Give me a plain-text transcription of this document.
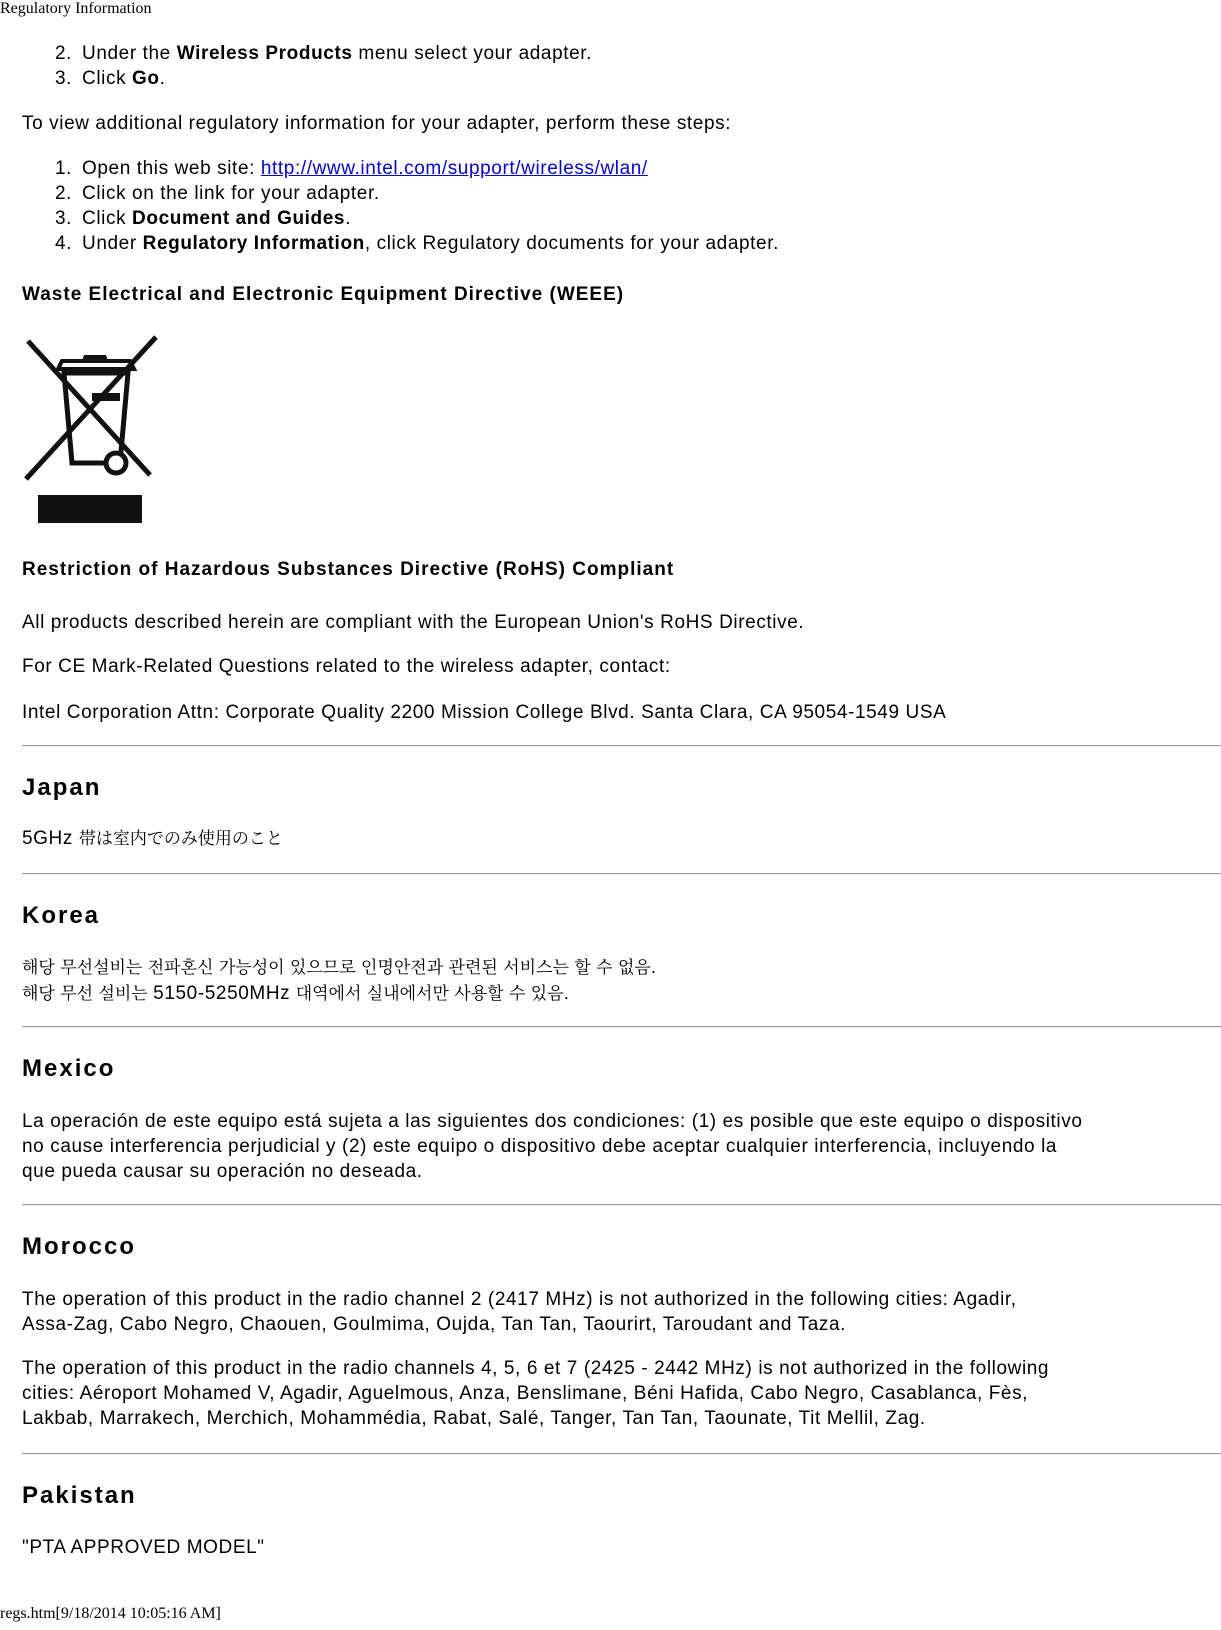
Regulatory Information
2. Under the Wireless Products menu select your adapter.
3. Click Go.
To view additional regulatory information for your adapter, perform these steps:
1. Open this web site: http://www.intel.com/support/wireless/wlan/
2. Click on the link for your adapter.
3. Click Document and Guides.
4. Under Regulatory Information, click Regulatory documents for your adapter.
Waste Electrical and Electronic Equipment Directive (WEEE)
Restriction of Hazardous Substances Directive (RoHS) Compliant
All products described herein are compliant with the European Union's RoHS Directive.
For CE Mark-Related Questions related to the wireless adapter, contact:
Intel Corporation Attn: Corporate Quality 2200 Mission College Blvd. Santa Clara, CA 95054-1549 USA
Japan
5GHz 帯は室内でのみ使用のこと
Korea
해당 무선설비는 전파혼신 가능성이 있으므로 인명안전과 관련된 서비스는 할 수 없음.
해당 무선 설비는 5150-5250MHz 대역에서 실내에서만 사용할 수 있음.
Mexico
La operación de este equipo está sujeta a las siguientes dos condiciones: (1) es posible que este equipo o dispositivo
no cause interferencia perjudicial y (2) este equipo o dispositivo debe aceptar cualquier interferencia, incluyendo la
que pueda causar su operación no deseada.
Morocco
The operation of this product in the radio channel 2 (2417 MHz) is not authorized in the following cities: Agadir,
Assa-Zag, Cabo Negro, Chaouen, Goulmima, Oujda, Tan Tan, Taourirt, Taroudant and Taza.
The operation of this product in the radio channels 4, 5, 6 et 7 (2425 - 2442 MHz) is not authorized in the following
cities: Aéroport Mohamed V, Agadir, Aguelmous, Anza, Benslimane, Béni Hafida, Cabo Negro, Casablanca, Fès,
Lakbab, Marrakech, Merchich, Mohammédia, Rabat, Salé, Tanger, Tan Tan, Taounate, Tit Mellil, Zag.
Pakistan
"PTA APPROVED MODEL"
regs.htm[9/18/2014 10:05:16 AM]
